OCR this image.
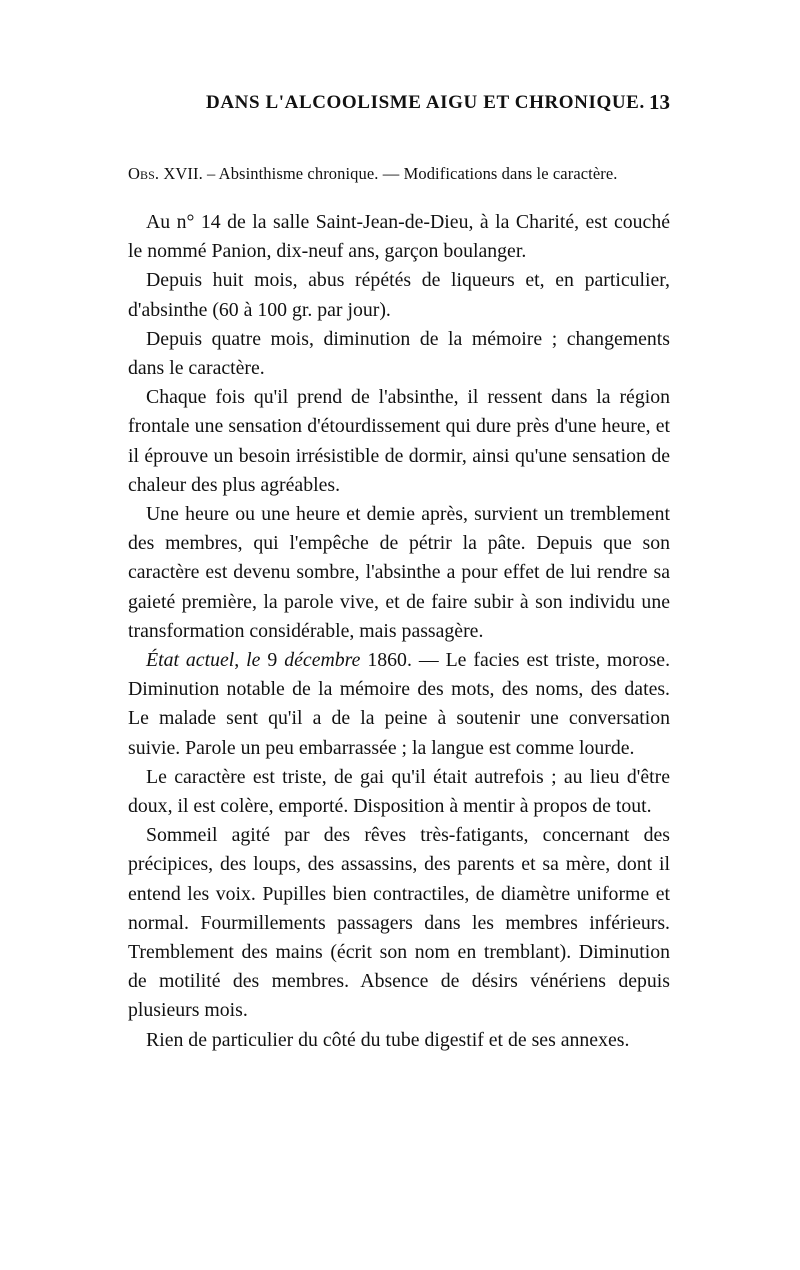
DANS L'ALCOOLISME AIGU ET CHRONIQUE. 13
Obs. XVII. – Absinthisme chronique. — Modifications dans le caractère.

Au n° 14 de la salle Saint-Jean-de-Dieu, à la Charité, est couché le nommé Panion, dix-neuf ans, garçon boulanger.

Depuis huit mois, abus répétés de liqueurs et, en particulier, d'absinthe (60 à 100 gr. par jour).

Depuis quatre mois, diminution de la mémoire ; changements dans le caractère.

Chaque fois qu'il prend de l'absinthe, il ressent dans la région frontale une sensation d'étourdissement qui dure près d'une heure, et il éprouve un besoin irrésistible de dormir, ainsi qu'une sensation de chaleur des plus agréables.

Une heure ou une heure et demie après, survient un tremblement des membres, qui l'empêche de pétrir la pâte. Depuis que son caractère est devenu sombre, l'absinthe a pour effet de lui rendre sa gaieté première, la parole vive, et de faire subir à son individu une transformation considérable, mais passagère.

État actuel, le 9 décembre 1860. — Le facies est triste, morose. Diminution notable de la mémoire des mots, des noms, des dates. Le malade sent qu'il a de la peine à soutenir une conversation suivie. Parole un peu embarrassée ; la langue est comme lourde.

Le caractère est triste, de gai qu'il était autrefois ; au lieu d'être doux, il est colère, emporté. Disposition à mentir à propos de tout.

Sommeil agité par des rêves très-fatigants, concernant des précipices, des loups, des assassins, des parents et sa mère, dont il entend les voix. Pupilles bien contractiles, de diamètre uniforme et normal. Fourmillements passagers dans les membres inférieurs. Tremblement des mains (écrit son nom en tremblant). Diminution de motilité des membres. Absence de désirs vénériens depuis plusieurs mois.

Rien de particulier du côté du tube digestif et de ses annexes.
